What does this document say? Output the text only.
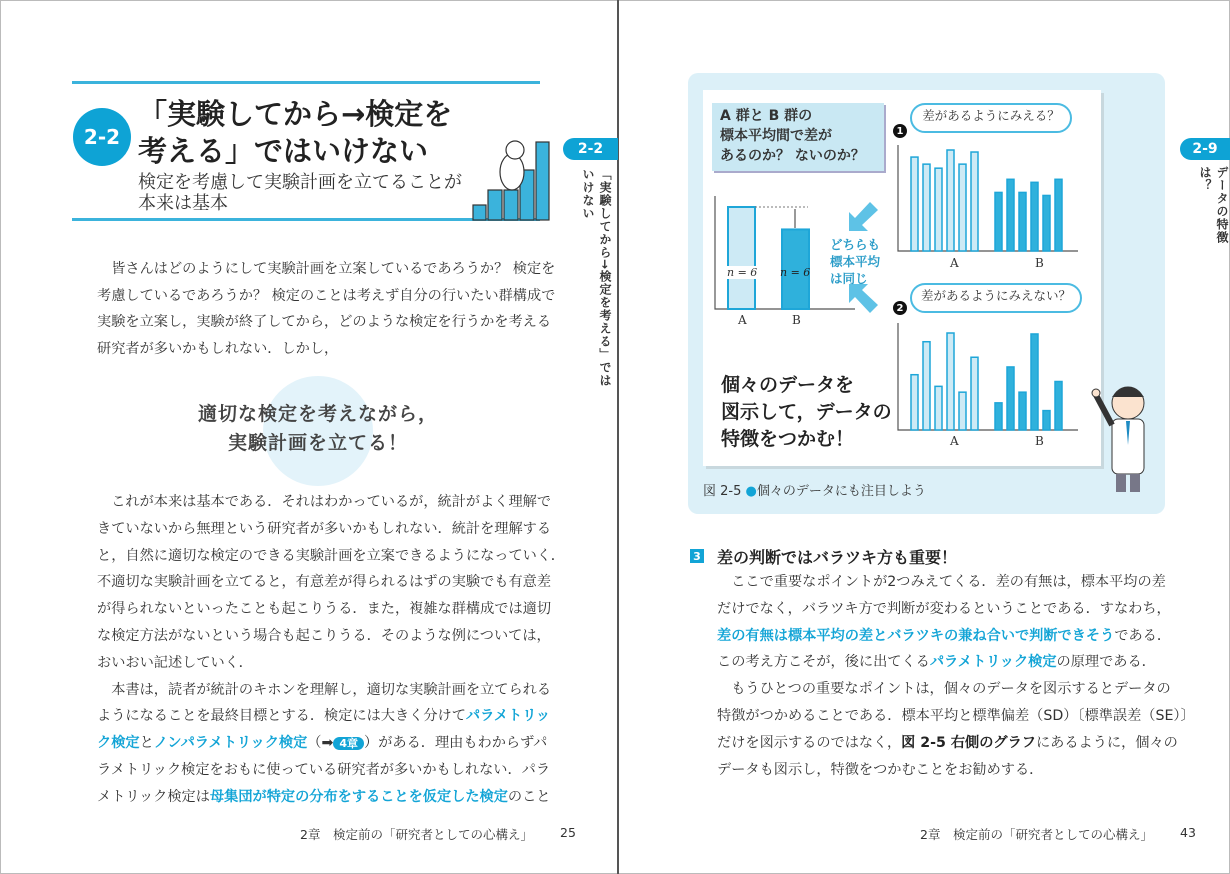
2-2
「実験してから→検定を
考える」ではいけない
検定を考慮して実験計画を立てることが
本来は基本
2-2
「実験してから→検定を考える」ではいけない
　皆さんはどのようにして実験計画を立案しているであろうか？ 検定を
考慮しているであろうか？ 検定のことは考えず自分の行いたい群構成で
実験を立案し，実験が終了してから，どのような検定を行うかを考える
研究者が多いかもしれない．しかし，
適切な検定を考えながら，
実験計画を立てる！
　これが本来は基本である．それはわかっているが，統計がよく理解で
きていないから無理という研究者が多いかもしれない．統計を理解する
と，自然に適切な検定のできる実験計画を立案できるようになっていく．
不適切な実験計画を立てると，有意差が得られるはずの実験でも有意差
が得られないといったことも起こりうる．また，複雑な群構成では適切
な検定方法がないという場合も起こりうる．そのような例については，
おいおい記述していく．
　本書は，読者が統計のキホンを理解し，適切な実験計画を立てられる
ようになることを最終目標とする．検定には大きく分けてパラメトリッ
ク検定とノンパラメトリック検定（➡ 4章 ）がある．理由もわからずパ
ラメトリック検定をおもに使っている研究者が多いかもしれない．パラ
メトリック検定は母集団が特定の分布をすることを仮定した検定のこと
2章　検定前の「研究者としての心構え」 25
A 群と B 群の
標本平均間で差が
あるのか？ ないのか？
1
差があるようにみえる？
2
差があるようにみえない？
A	B
n = 6 n = 6
どちらも
標本平均
は同じ
A	B
A	B
個々のデータを
図示して，データの
特徴をつかむ！
図 2-5 ●個々のデータにも注目しよう
2-9
データの特徴は？
3 差の判断ではバラツキ方も重要！
　ここで重要なポイントが2つみえてくる．差の有無は，標本平均の差
だけでなく，バラツキ方で判断が変わるということである．すなわち，
差の有無は標本平均の差とバラツキの兼ね合いで判断できそうである．
この考え方こそが，後に出てくるパラメトリック検定の原理である．
　もうひとつの重要なポイントは，個々のデータを図示するとデータの
特徴がつかめることである．標本平均と標準偏差（SD）〔標準誤差（SE）〕
だけを図示するのではなく，図 2-5 右側のグラフにあるように，個々の
データも図示し，特徴をつかむことをお勧めする．
2章　検定前の「研究者としての心構え」 43
